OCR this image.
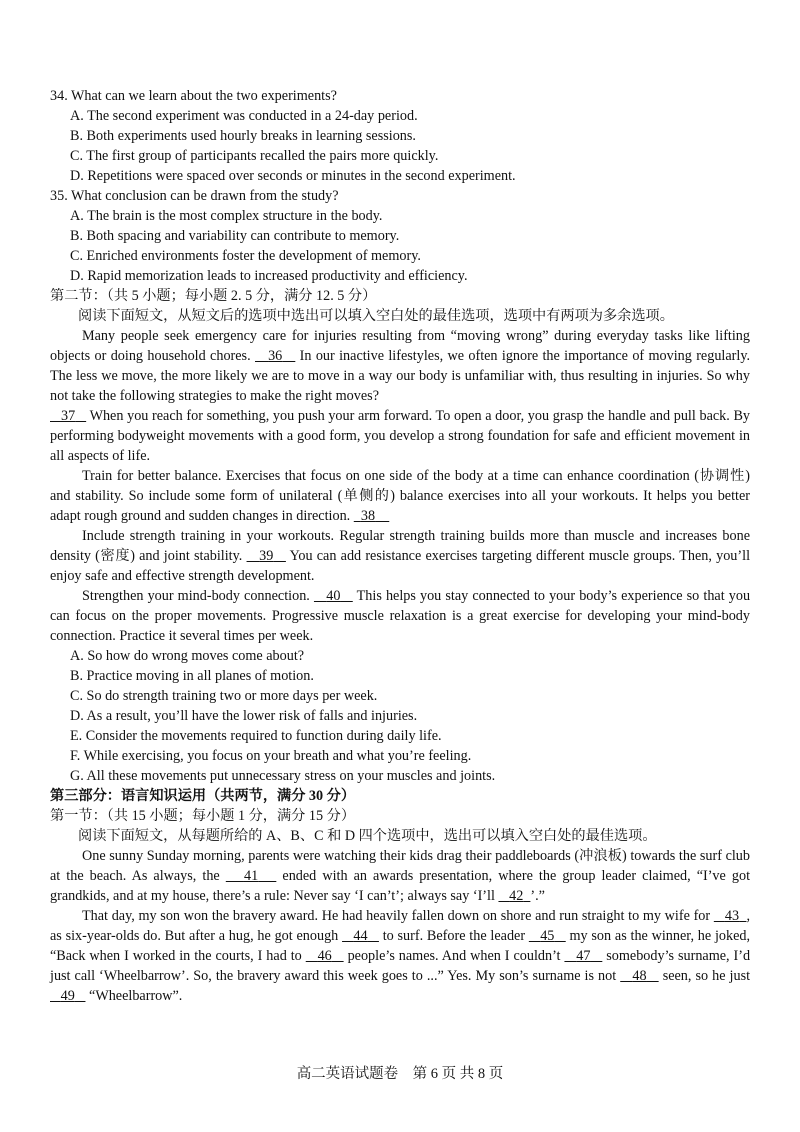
34. What can we learn about the two experiments?
A. The second experiment was conducted in a 24-day period.
B. Both experiments used hourly breaks in learning sessions.
C. The first group of participants recalled the pairs more quickly.
D. Repetitions were spaced over seconds or minutes in the second experiment.
35. What conclusion can be drawn from the study?
A. The brain is the most complex structure in the body.
B. Both spacing and variability can contribute to memory.
C. Enriched environments foster the development of memory.
D. Rapid memorization leads to increased productivity and efficiency.
第二节：（共 5 小题；每小题 2. 5 分，满分 12. 5 分）
阅读下面短文，从短文后的选项中选出可以填入空白处的最佳选项，选项中有两项为多余选项。
Many people seek emergency care for injuries resulting from “moving wrong” during everyday tasks like lifting objects or doing household chores. 36 In our inactive lifestyles, we often ignore the importance of moving regularly. The less we move, the more likely we are to move in a way our body is unfamiliar with, thus resulting in injuries. So why not take the following strategies to make the right moves?
37 When you reach for something, you push your arm forward. To open a door, you grasp the handle and pull back. By performing bodyweight movements with a good form, you develop a strong foundation for safe and efficient movement in all aspects of life.
Train for better balance. Exercises that focus on one side of the body at a time can enhance coordination (协调性) and stability. So include some form of unilateral (单侧的) balance exercises into all your workouts. It helps you better adapt rough ground and sudden changes in direction. 38
Include strength training in your workouts. Regular strength training builds more than muscle and increases bone density (密度) and joint stability. 39 You can add resistance exercises targeting different muscle groups. Then, you’ll enjoy safe and effective strength development.
Strengthen your mind-body connection. 40 This helps you stay connected to your body’s experience so that you can focus on the proper movements. Progressive muscle relaxation is a great exercise for developing your mind-body connection. Practice it several times per week.
A. So how do wrong moves come about?
B. Practice moving in all planes of motion.
C. So do strength training two or more days per week.
D. As a result, you’ll have the lower risk of falls and injuries.
E. Consider the movements required to function during daily life.
F. While exercising, you focus on your breath and what you’re feeling.
G. All these movements put unnecessary stress on your muscles and joints.
第三部分：语言知识运用（共两节，满分 30 分）
第一节：（共 15 小题；每小题 1 分，满分 15 分）
阅读下面短文，从每题所给的 A、B、C 和 D 四个选项中，选出可以填入空白处的最佳选项。
One sunny Sunday morning, parents were watching their kids drag their paddleboards (冲浪板) towards the surf club at the beach. As always, the 41 ended with an awards presentation, where the group leader claimed, “I’ve got grandkids, and at my house, there’s a rule: Never say ‘I can’t’; always say ‘I’ll 42 ’.”
That day, my son won the bravery award. He had heavily fallen down on shore and run straight to my wife for 43 , as six-year-olds do. But after a hug, he got enough 44 to surf. Before the leader 45 my son as the winner, he joked, “Back when I worked in the courts, I had to 46 people’s names. And when I couldn’t 47 somebody’s surname, I’d just call ‘Wheelbarrow’. So, the bravery award this week goes to ...” Yes. My son’s surname is not 48 seen, so he just    49 “Wheelbarrow”.
高二英语试题卷　第 6 页 共 8 页
